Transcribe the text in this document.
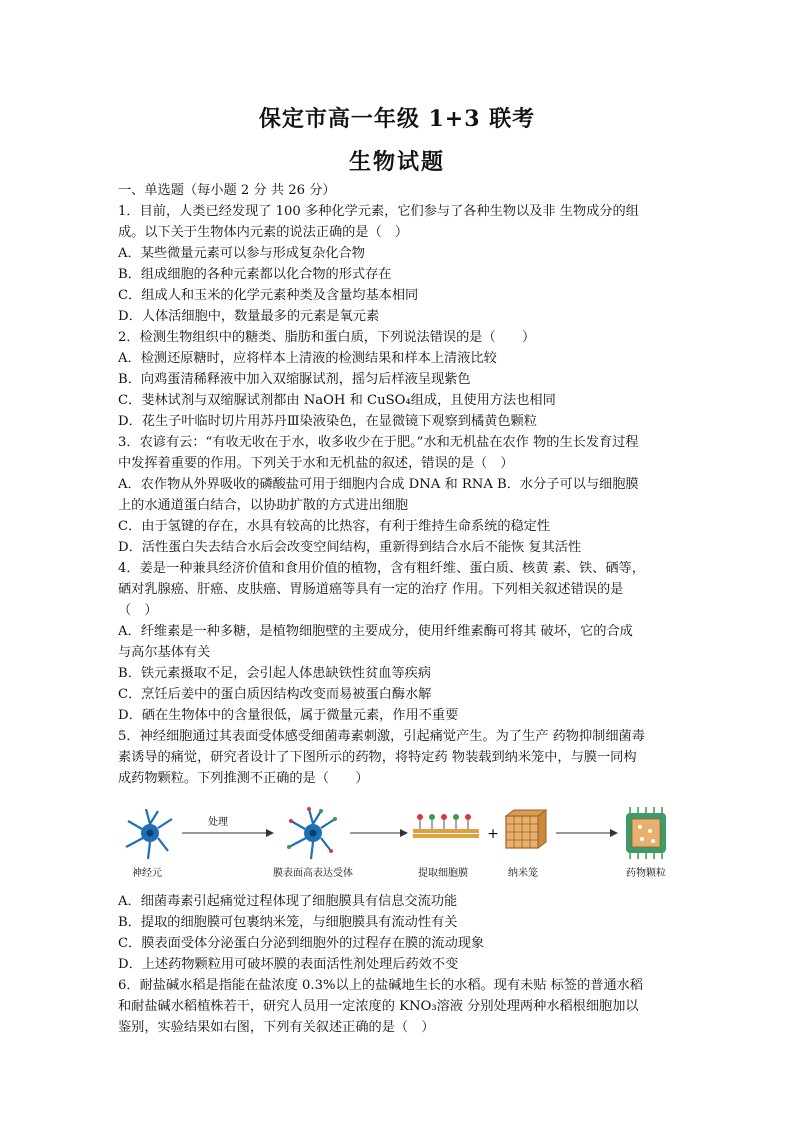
保定市高一年级 1+3 联考
生物试题
一、单选题（每小题 2 分 共 26 分）
1．目前，人类已经发现了 100 多种化学元素，它们参与了各种生物以及非 生物成分的组
成。以下关于生物体内元素的说法正确的是（　）
A．某些微量元素可以参与形成复杂化合物
B．组成细胞的各种元素都以化合物的形式存在
C．组成人和玉米的化学元素种类及含量均基本相同
D．人体活细胞中，数量最多的元素是氧元素
2．检测生物组织中的糖类、脂肪和蛋白质，下列说法错误的是（　　）
A．检测还原糖时，应将样本上清液的检测结果和样本上清液比较
B．向鸡蛋清稀释液中加入双缩脲试剂，摇匀后样液呈现紫色
C．斐林试剂与双缩脲试剂都由 NaOH 和 CuSO₄组成，且使用方法也相同
D．花生子叶临时切片用苏丹Ⅲ染液染色，在显微镜下观察到橘黄色颗粒
3．农谚有云：“有收无收在于水，收多收少在于肥。”水和无机盐在农作 物的生长发育过程
中发挥着重要的作用。下列关于水和无机盐的叙述，错误的是（　）
A．农作物从外界吸收的磷酸盐可用于细胞内合成 DNA 和 RNA B．水分子可以与细胞膜
上的水通道蛋白结合，以协助扩散的方式进出细胞
C．由于氢键的存在，水具有较高的比热容，有利于维持生命系统的稳定性
D．活性蛋白失去结合水后会改变空间结构，重新得到结合水后不能恢 复其活性
4．姜是一种兼具经济价值和食用价值的植物，含有粗纤维、蛋白质、核黄 素、铁、硒等，
硒对乳腺癌、肝癌、皮肤癌、胃肠道癌等具有一定的治疗 作用。下列相关叙述错误的是
（　）
A．纤维素是一种多糖，是植物细胞壁的主要成分，使用纤维素酶可将其 破坏，它的合成
与高尔基体有关
B．铁元素摄取不足，会引起人体患缺铁性贫血等疾病
C．烹饪后姜中的蛋白质因结构改变而易被蛋白酶水解
D．硒在生物体中的含量很低，属于微量元素，作用不重要
5．神经细胞通过其表面受体感受细菌毒素刺激，引起痛觉产生。为了生产 药物抑制细菌毒
素诱导的痛觉，研究者设计了下图所示的药物，将特定药 物装载到纳米笼中，与膜一同构
成药物颗粒。下列推测不正确的是（　　）
处理
+
神经元	膜表面高表达受体	提取细胞膜	纳米笼	药物颗粒
A．细菌毒素引起痛觉过程体现了细胞膜具有信息交流功能
B．提取的细胞膜可包裹纳米笼，与细胞膜具有流动性有关
C．膜表面受体分泌蛋白分泌到细胞外的过程存在膜的流动现象
D．上述药物颗粒用可破坏膜的表面活性剂处理后药效不变
6．耐盐碱水稻是指能在盐浓度 0.3%以上的盐碱地生长的水稻。现有未贴 标签的普通水稻
和耐盐碱水稻植株若干，研究人员用一定浓度的 KNO₃溶液 分别处理两种水稻根细胞加以
鉴别，实验结果如右图，下列有关叙述正确的是（　）
